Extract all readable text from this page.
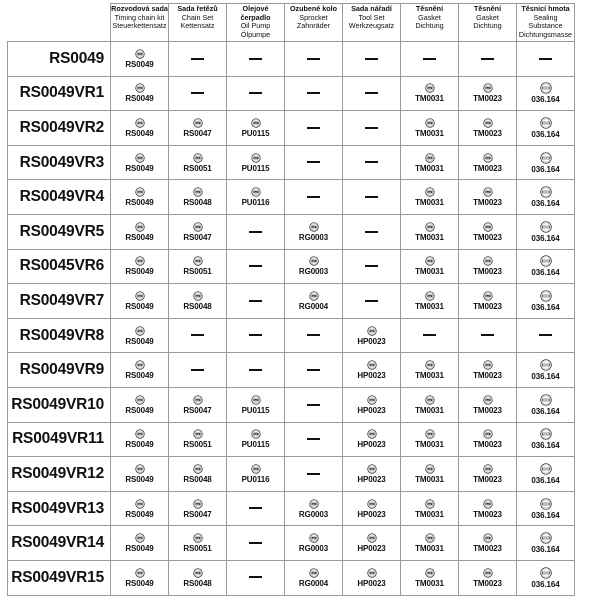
	Rozvodová sada
Timing chain kit
Steuerkettensatz	Sada řetězů
Chain Set
Kettensatz	Olejové čerpadlo
Oil Pump
Ölpumpe	Ozubené kolo
Sprocket
Zahnräder	Sada nářadí
Tool Set
Werkzeugsatz	Těsnění
Gasket
Dichtung	Těsnění
Gasket
Dichtung	Těsnicí hmota
Sealing Substance
Dichtungsmasse

RS0049	RS0049							

RS0049VR1	RS0049					TM0031	TM0023	036.164

RS0049VR2	RS0049	RS0047	PU0115			TM0031	TM0023	036.164

RS0049VR3	RS0049	RS0051	PU0115			TM0031	TM0023	036.164

RS0049VR4	RS0049	RS0048	PU0116			TM0031	TM0023	036.164

RS0049VR5	RS0049	RS0047		RG0003		TM0031	TM0023	036.164

RS0045VR6	RS0049	RS0051		RG0003		TM0031	TM0023	036.164

RS0049VR7	RS0049	RS0048		RG0004		TM0031	TM0023	036.164

RS0049VR8	RS0049				HP0023			

RS0049VR9	RS0049				HP0023	TM0031	TM0023	036.164

RS0049VR10	RS0049	RS0047	PU0115		HP0023	TM0031	TM0023	036.164

RS0049VR11	RS0049	RS0051	PU0115		HP0023	TM0031	TM0023	036.164

RS0049VR12	RS0049	RS0048	PU0116		HP0023	TM0031	TM0023	036.164

RS0049VR13	RS0049	RS0047		RG0003	HP0023	TM0031	TM0023	036.164

RS0049VR14	RS0049	RS0051		RG0003	HP0023	TM0031	TM0023	036.164

RS0049VR15	RS0049	RS0048		RG0004	HP0023	TM0031	TM0023	036.164
